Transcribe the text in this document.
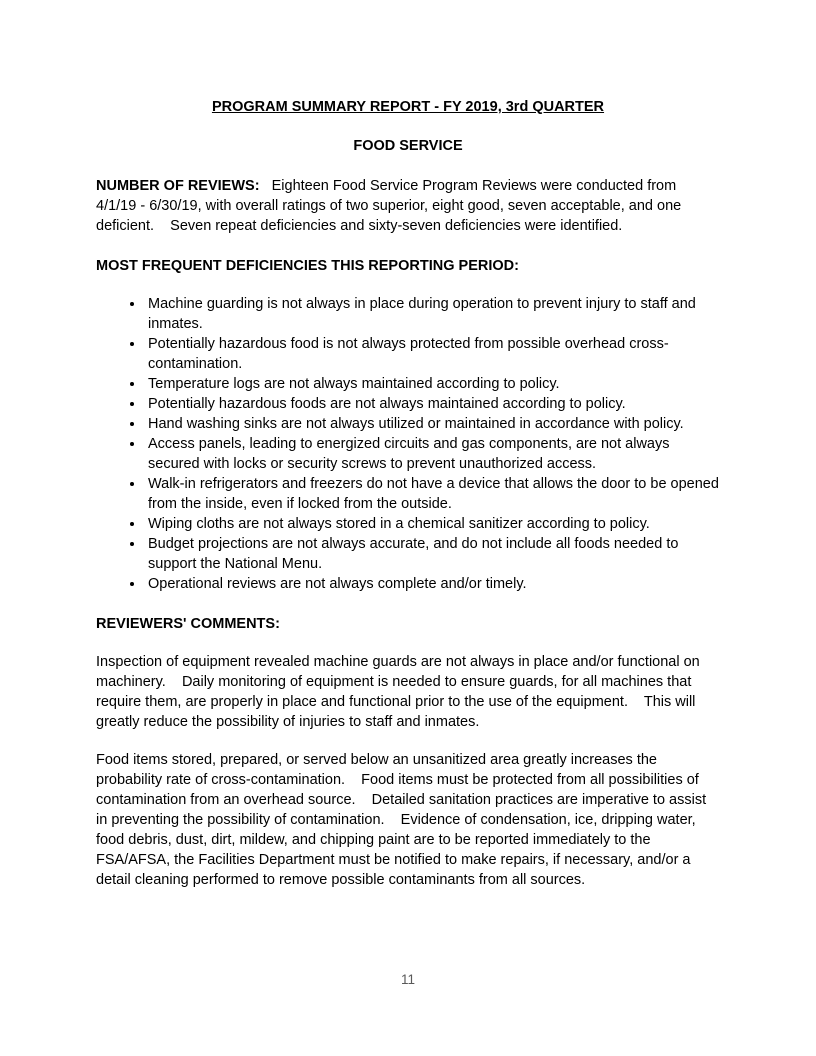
PROGRAM SUMMARY REPORT - FY 2019, 3rd QUARTER
FOOD SERVICE

NUMBER OF REVIEWS:   Eighteen Food Service Program Reviews were conducted from 4/1/19 - 6/30/19, with overall ratings of two superior, eight good, seven acceptable, and one deficient.    Seven repeat deficiencies and sixty-seven deficiencies were identified.

MOST FREQUENT DEFICIENCIES THIS REPORTING PERIOD:
• Machine guarding is not always in place during operation to prevent injury to staff and inmates.
• Potentially hazardous food is not always protected from possible overhead cross-contamination.
• Temperature logs are not always maintained according to policy.
• Potentially hazardous foods are not always maintained according to policy.
• Hand washing sinks are not always utilized or maintained in accordance with policy.
• Access panels, leading to energized circuits and gas components, are not always secured with locks or security screws to prevent unauthorized access.
• Walk-in refrigerators and freezers do not have a device that allows the door to be opened from the inside, even if locked from the outside.
• Wiping cloths are not always stored in a chemical sanitizer according to policy.
• Budget projections are not always accurate, and do not include all foods needed to support the National Menu.
• Operational reviews are not always complete and/or timely.
REVIEWERS' COMMENTS:

Inspection of equipment revealed machine guards are not always in place and/or functional on machinery.    Daily monitoring of equipment is needed to ensure guards, for all machines that require them, are properly in place and functional prior to the use of the equipment.    This will greatly reduce the possibility of injuries to staff and inmates.

Food items stored, prepared, or served below an unsanitized area greatly increases the probability rate of cross-contamination.    Food items must be protected from all possibilities of contamination from an overhead source.    Detailed sanitation practices are imperative to assist in preventing the possibility of contamination.    Evidence of condensation, ice, dripping water, food debris, dust, dirt, mildew, and chipping paint are to be reported immediately to the FSA/AFSA, the Facilities Department must be notified to make repairs, if necessary, and/or a detail cleaning performed to remove possible contaminants from all sources.

11
